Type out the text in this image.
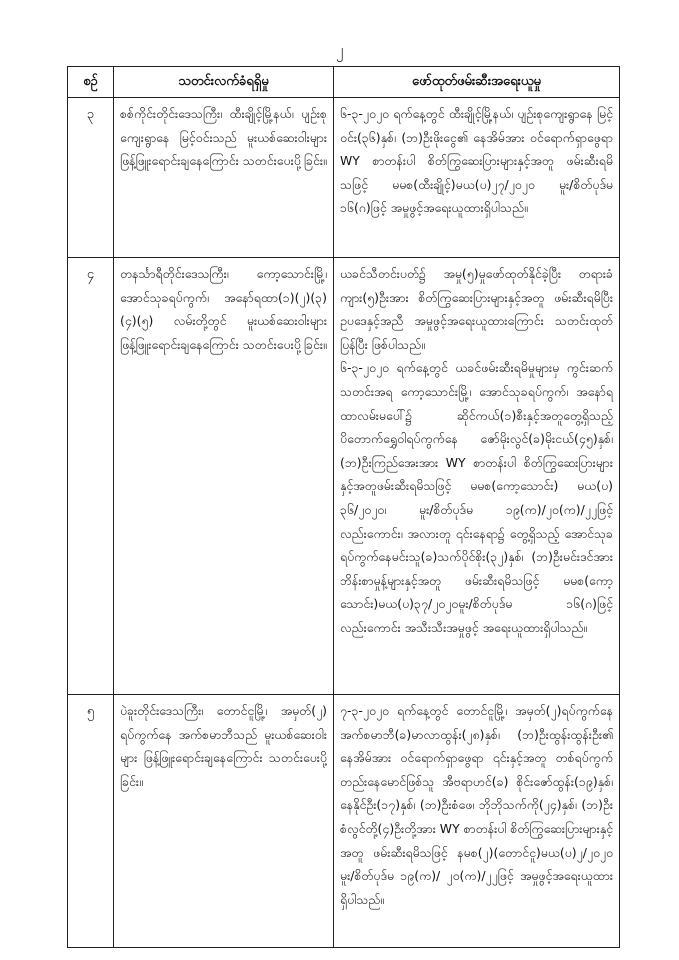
၂
စဉ်	သတင်းလက်ခံရရှိမှု	ဖော်ထုတ်ဖမ်းဆီးအရေးယူမှု
၃	စစ်ကိုင်းတိုင်းဒေသကြီး၊ ထီးချိုင့်မြို့နယ်၊ ပျဉ်းစုကျေးရွာနေ မြင့်ဝင်းသည် မူးယစ်ဆေးဝါးများ ဖြန့်ဖြူးရောင်းချနေကြောင်း သတင်းပေးပို့ခြင်း။	၆-၃-၂၀၂၀ ရက်နေ့တွင် ထီးချိုင့်မြို့နယ်၊ ပျဉ်းစုကျေးရွာနေ မြင့်ဝင်း(၃၆)နှစ်၊ (ဘ)ဦးဖိုးငွေ၏ နေအိမ်အား ဝင်ရောက်ရှာဖွေရာ WY စာတန်းပါ စိတ်ကြွဆေးပြားများနှင့်အတူ ဖမ်းဆီးရမိသဖြင့် မမစ(ထီးချိုင့်)မယ(ပ)၂၇/၂၀၂၀ မူး/စိတ်ပုဒ်မ ၁၆(ဂ)ဖြင့် အမှုဖွင့်အရေးယူထားရှိပါသည်။

၄	တနင်္သာရီတိုင်းဒေသကြီး၊ ကော့သောင်းမြို့၊ အောင်သုခရပ်ကွက်၊ အနော်ရထာ(၁)(၂)(၃)(၄)(၅) လမ်းတို့တွင် မူးယစ်ဆေးဝါးများ ဖြန့်ဖြူးရောင်းချနေကြောင်း သတင်းပေးပို့ခြင်း။	ယခင်သီတင်းပတ်၌ အမှု(၅)မှုဖော်ထုတ်နိုင်ခဲ့ပြီး တရားခံကျား(၅)ဦးအား စိတ်ကြွဆေးပြားများနှင့်အတူ ဖမ်းဆီးရမိပြီး ဥပဒေနှင့်အညီ အမှုဖွင့်အရေးယူထားကြောင်း သတင်းထုတ်ပြန်ပြီး ဖြစ်ပါသည်။

၆-၃-၂၀၂၀ ရက်နေ့တွင် ယခင်ဖမ်းဆီးရမိမှုများမှ ကွင်းဆက် သတင်းအရ ကော့သောင်းမြို့၊ အောင်သုခရပ်ကွက်၊ အနော်ရထာလမ်းမပေါ်၌ ဆိုင်ကယ်(၁)စီးနှင့်အတူတွေ့ရှိသည့် ပိတောက်ရွှေဝါရပ်ကွက်နေ ဇော်မိုးလွင်(ခ)မိုးငယ်(၄၅)နှစ်၊ (ဘ)ဦးကြည်အေးအား WY စာတန်းပါ စိတ်ကြွဆေးပြားများနှင့်အတူဖမ်းဆီးရမိသဖြင့် မမစ(ကော့သောင်း) မယ(ပ) ၃၆/၂၀၂၀၊ မူး/စိတ်ပုဒ်မ ၁၉(က)/၂၀(က)/၂၂ဖြင့်လည်းကောင်း၊ အလားတူ ၎င်းနေရာ၌ တွေ့ရှိသည့် အောင်သုခရပ်ကွက်နေမင်းသူ(ခ)သက်ပိုင်စိုး(၃၂)နှစ်၊ (ဘ)ဦးမင်းဒင်အား ဘိန်းစာမှုန့်များနှင့်အတူ ဖမ်းဆီးရမိသဖြင့် မမစ(ကော့သောင်း)မယ(ပ)၃၇/၂၀၂၀မူး/စိတ်ပုဒ်မ ၁၆(ဂ)ဖြင့်လည်းကောင်း အသီးသီးအမှုဖွင့် အရေးယူထားရှိပါသည်။

၅	ပဲခူးတိုင်းဒေသကြီး၊ တောင်ငူမြို့၊ အမှတ်(၂) ရပ်ကွက်နေ အက်စမာဘီသည် မူးယစ်ဆေးဝါးများ ဖြန့်ဖြူးရောင်းချနေကြောင်း သတင်းပေးပို့ခြင်း။	၇-၃-၂၀၂၀ ရက်နေ့တွင် တောင်ငူမြို့၊ အမှတ်(၂)ရပ်ကွက်နေအက်စမာဘီ(ခ)မာလာထွန်း(၂၈)နှစ်၊ (ဘ)ဦးထွန်းထွန်းဦး၏ နေအိမ်အား ဝင်ရောက်ရှာဖွေရာ ၎င်းနှင့်အတူ တစ်ရပ်ကွက်တည်းနေမောင်ဖြစ်သူ အီဗရာဟင်(ခ) စိုင်းဇော်ထွန်း(၁၉)နှစ်၊ နေနိုင်ဦး(၁၇)နှစ်၊ (ဘ)ဦးစံဖေ၊ ဘိုဘိုသက်ကို(၂၄)နှစ်၊ (ဘ)ဦးစံလွင်တို့(၄)ဦးတို့အား WY စာတန်းပါ စိတ်ကြွဆေးပြားများနှင့်အတူ ဖမ်းဆီးရမိသဖြင့် နမစ(၂)(တောင်ငူ)မယ(ပ)၂/၂၀၂၀ မူး/စိတ်ပုဒ်မ ၁၉(က)/ ၂၀(က)/၂၂ဖြင့် အမှုဖွင့်အရေးယူထားရှိပါသည်။
